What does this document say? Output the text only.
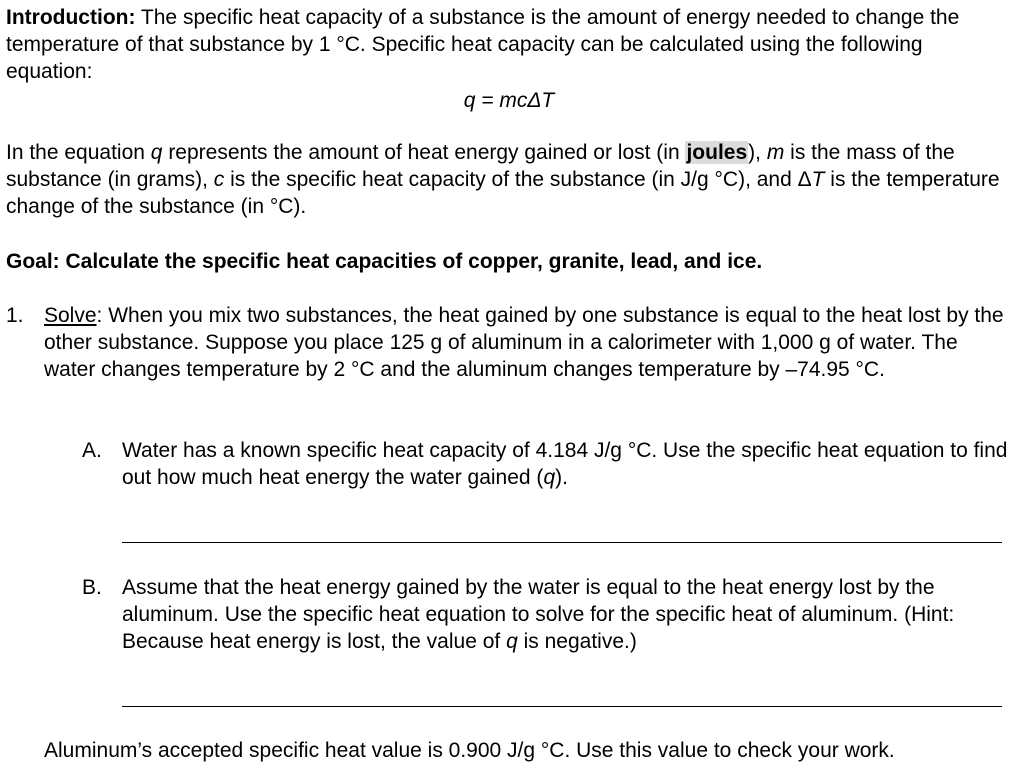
Introduction: The specific heat capacity of a substance is the amount of energy needed to change the temperature of that substance by 1 °C. Specific heat capacity can be calculated using the following equation:

q = mcΔT

In the equation q represents the amount of heat energy gained or lost (in joules), m is the mass of the substance (in grams), c is the specific heat capacity of the substance (in J/g °C), and ΔT is the temperature change of the substance (in °C).

Goal: Calculate the specific heat capacities of copper, granite, lead, and ice.

1. Solve: When you mix two substances, the heat gained by one substance is equal to the heat lost by the other substance. Suppose you place 125 g of aluminum in a calorimeter with 1,000 g of water. The water changes temperature by 2 °C and the aluminum changes temperature by –74.95 °C.
A. Water has a known specific heat capacity of 4.184 J/g °C. Use the specific heat equation to find out how much heat energy the water gained (q).
B. Assume that the heat energy gained by the water is equal to the heat energy lost by the aluminum. Use the specific heat equation to solve for the specific heat of aluminum. (Hint: Because heat energy is lost, the value of q is negative.)

Aluminum’s accepted specific heat value is 0.900 J/g °C. Use this value to check your work.
